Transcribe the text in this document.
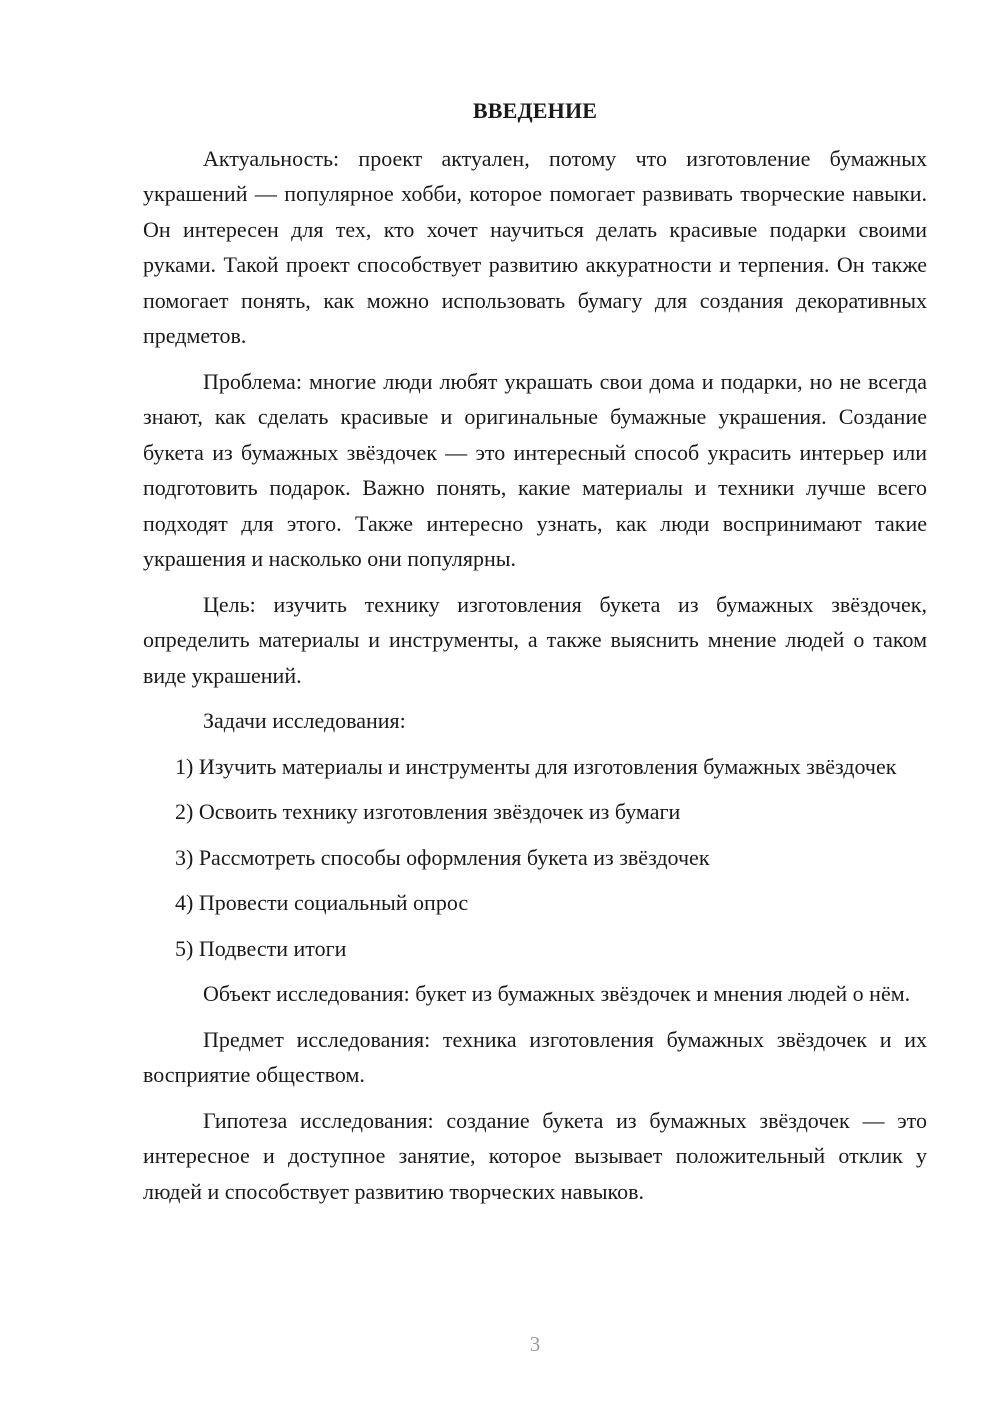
ВВЕДЕНИЕ

Актуальность: проект актуален, потому что изготовление бумажных украшений — популярное хобби, которое помогает развивать творческие навыки. Он интересен для тех, кто хочет научиться делать красивые подарки своими руками. Такой проект способствует развитию аккуратности и терпения. Он также помогает понять, как можно использовать бумагу для создания декоративных предметов.

Проблема: многие люди любят украшать свои дома и подарки, но не всегда знают, как сделать красивые и оригинальные бумажные украшения. Создание букета из бумажных звёздочек — это интересный способ украсить интерьер или подготовить подарок. Важно понять, какие материалы и техники лучше всего подходят для этого. Также интересно узнать, как люди воспринимают такие украшения и насколько они популярны.

Цель: изучить технику изготовления букета из бумажных звёздочек, определить материалы и инструменты, а также выяснить мнение людей о таком виде украшений.

Задачи исследования:

1) Изучить материалы и инструменты для изготовления бумажных звёздочек

2) Освоить технику изготовления звёздочек из бумаги

3) Рассмотреть способы оформления букета из звёздочек

4) Провести социальный опрос

5) Подвести итоги

Объект исследования: букет из бумажных звёздочек и мнения людей о нём.

Предмет исследования: техника изготовления бумажных звёздочек и их восприятие обществом.

Гипотеза исследования: создание букета из бумажных звёздочек — это интересное и доступное занятие, которое вызывает положительный отклик у людей и способствует развитию творческих навыков.

3
